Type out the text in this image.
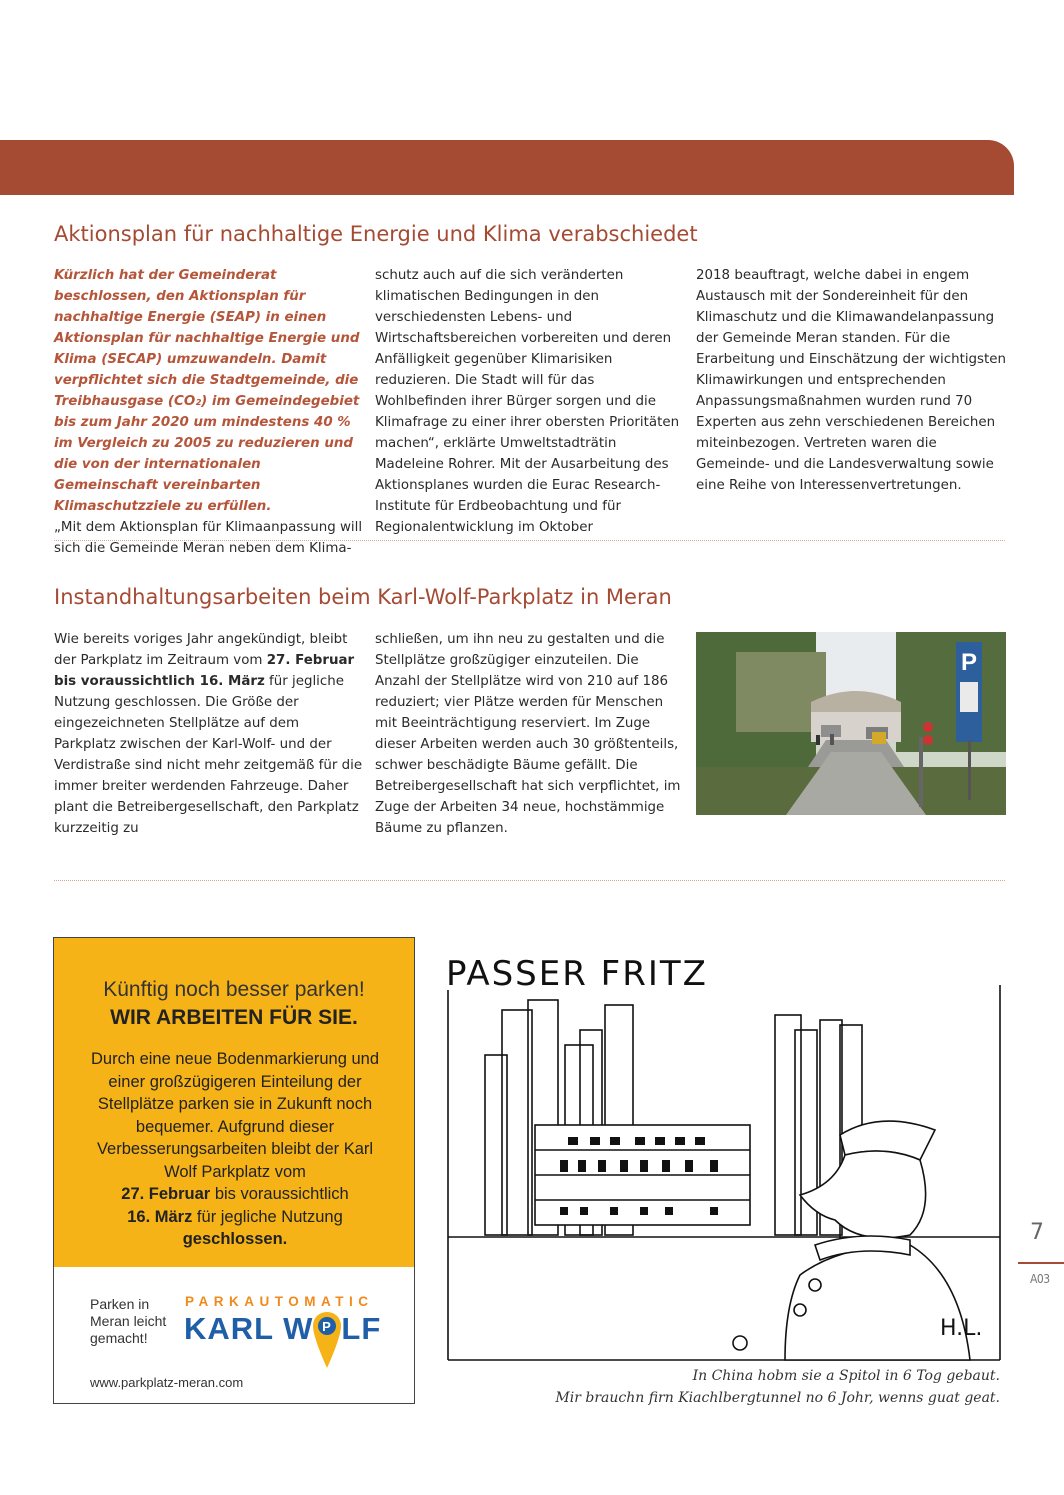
Aktionsplan für nachhaltige Energie und Klima verabschiedet

Kürzlich hat der Gemeinderat beschlossen, den Aktionsplan für nachhaltige Energie (SEAP) in einen Aktionsplan für nachhaltige Energie und Klima (SECAP) umzuwandeln. Damit verpflichtet sich die Stadtgemeinde, die Treibhausgase (CO₂) im Gemeindegebiet bis zum Jahr 2020 um mindestens 40 % im Vergleich zu 2005 zu reduzieren und die von der internationalen Gemeinschaft vereinbarten Klimaschutzziele zu erfüllen.

„Mit dem Aktionsplan für Klimaanpassung will sich die Gemeinde Meran neben dem Klima-

schutz auch auf die sich veränderten klimatischen Bedingungen in den verschiedensten Lebens- und Wirtschaftsbereichen vorbereiten und deren Anfälligkeit gegenüber Klimarisiken reduzieren. Die Stadt will für das Wohlbefinden ihrer Bürger sorgen und die Klimafrage zu einer ihrer obersten Prioritäten machen“, erklärte Umweltstadträtin Madeleine Rohrer. Mit der Ausarbeitung des Aktionsplanes wurden die Eurac Research-Institute für Erdbeobachtung und für Regionalentwicklung im Oktober

2018 beauftragt, welche dabei in engem Austausch mit der Sondereinheit für den Klimaschutz und die Klimawandelanpassung der Gemeinde Meran standen. Für die Erarbeitung und Einschätzung der wichtigsten Klimawirkungen und entsprechenden Anpassungsmaßnahmen wurden rund 70 Experten aus zehn verschiedenen Bereichen miteinbezogen. Vertreten waren die Gemeinde- und die Landesverwaltung sowie eine Reihe von Interessenvertretungen.

Instandhaltungsarbeiten beim Karl-Wolf-Parkplatz in Meran

Wie bereits voriges Jahr angekündigt, bleibt der Parkplatz im Zeitraum vom 27. Februar bis voraussichtlich 16. März für jegliche Nutzung geschlossen. Die Größe der eingezeichneten Stellplätze auf dem Parkplatz zwischen der Karl-Wolf- und der Verdistraße sind nicht mehr zeitgemäß für die immer breiter werdenden Fahrzeuge. Daher plant die Betreibergesellschaft, den Parkplatz kurzzeitig zu

schließen, um ihn neu zu gestalten und die Stellplätze großzügiger einzuteilen. Die Anzahl der Stellplätze wird von 210 auf 186 reduziert; vier Plätze werden für Menschen mit Beeinträchtigung reserviert. Im Zuge dieser Arbeiten werden auch 30 größtenteils, schwer beschädigte Bäume gefällt. Die Betreibergesellschaft hat sich verpflichtet, im Zuge der Arbeiten 34 neue, hochstämmige Bäume zu pflanzen.

P
Künftig noch besser parken!
WIR ARBEITEN FÜR SIE.
Durch eine neue Bodenmarkierung und einer großzügigeren Einteilung der Stellplätze parken sie in Zukunft noch bequemer. Aufgrund dieser Verbesserungsarbeiten bleibt der Karl Wolf Parkplatz vom
27. Februar bis voraussichtlich
16. März für jegliche Nutzung
geschlossen.
Parken in Meran leicht gemacht!
PARKAUTOMATIC
KARL W P LF
www.parkplatz-meran.com
PASSER FRITZ
H.L.
In China hobm sie a Spitol in 6 Tog gebaut.
Mir brauchn firn Kiachlbergtunnel no 6 Johr, wenns guat geat.
7
A03
